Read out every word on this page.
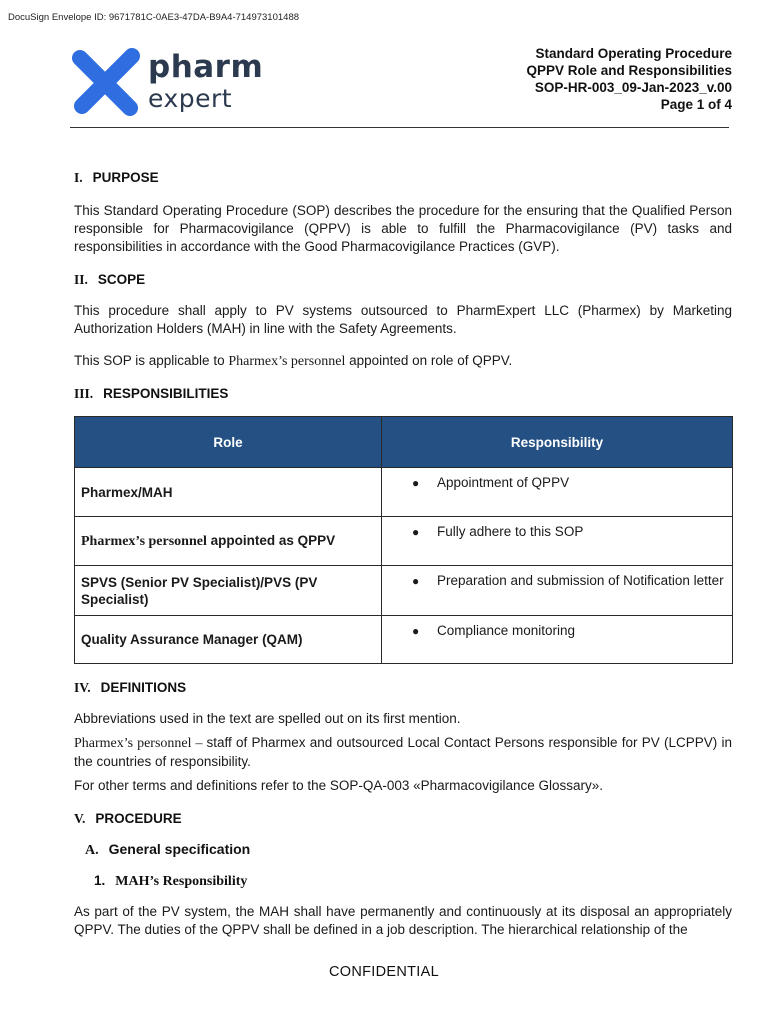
DocuSign Envelope ID: 9671781C-0AE3-47DA-B9A4-714973101488
pharm
expert
Standard Operating Procedure
QPPV Role and Responsibilities
SOP-HR-003_09-Jan-2023_v.00
Page 1 of 4
I. PURPOSE

This Standard Operating Procedure (SOP) describes the procedure for the ensuring that the Qualified Person responsible for Pharmacovigilance (QPPV) is able to fulfill the Pharmacovigilance (PV) tasks and responsibilities in accordance with the Good Pharmacovigilance Practices (GVP).

II. SCOPE

This procedure shall apply to PV systems outsourced to PharmExpert LLC (Pharmex) by Marketing Authorization Holders (MAH) in line with the Safety Agreements.

This SOP is applicable to Pharmex’s personnel appointed on role of QPPV.

III. RESPONSIBILITIES
Role	Responsibility
Pharmex/MAH	● Appointment of QPPV

Pharmex’s personnel appointed as QPPV	● Fully adhere to this SOP

SPVS (Senior PV Specialist)/PVS (PV Specialist)	● Preparation and submission of Notification letter

Quality Assurance Manager (QAM)	● Compliance monitoring
IV. DEFINITIONS

Abbreviations used in the text are spelled out on its first mention.

Pharmex’s personnel – staff of Pharmex and outsourced Local Contact Persons responsible for PV (LCPPV) in the countries of responsibility.

For other terms and definitions refer to the SOP-QA-003 «Pharmacovigilance Glossary».

V. PROCEDURE
A. General specification
1. MAH’s Responsibility

As part of the PV system, the MAH shall have permanently and continuously at its disposal an appropriately QPPV. The duties of the QPPV shall be defined in a job description. The hierarchical relationship of the

CONFIDENTIAL
